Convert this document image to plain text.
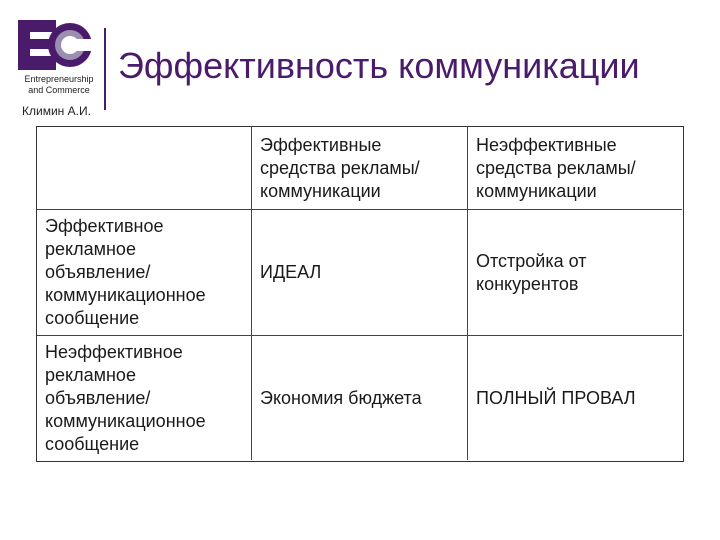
Entrepreneurship
and Commerce
Эффективность коммуникации
Климин А.И.
Эффективные средства рекламы/ коммуникации
Неэффективные средства рекламы/ коммуникации
Эффективное рекламное объявление/ коммуникационное сообщение
ИДЕАЛ
Отстройка от конкурентов
Неэффективное рекламное объявление/ коммуникационное сообщение
Экономия бюджета	ПОЛНЫЙ ПРОВАЛ
